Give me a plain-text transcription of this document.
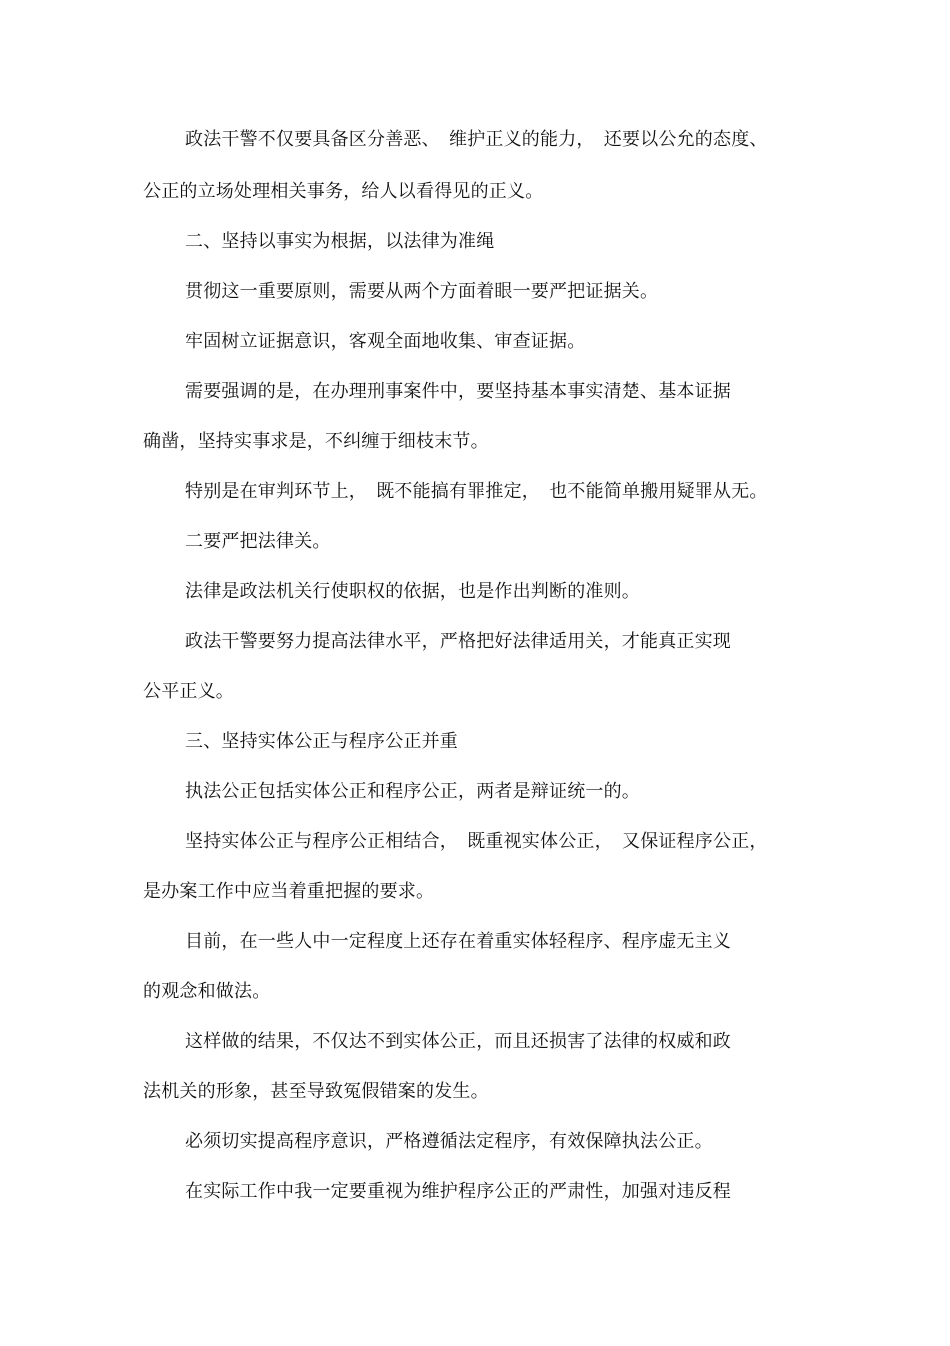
政法干警不仅要具备区分善恶、　维护正义的能力，　还要以公允的态度、
公正的立场处理相关事务，给人以看得见的正义。
二、坚持以事实为根据，以法律为准绳
贯彻这一重要原则，需要从两个方面着眼一要严把证据关。
牢固树立证据意识，客观全面地收集、审查证据。
需要强调的是，在办理刑事案件中，要坚持基本事实清楚、基本证据
确凿，坚持实事求是，不纠缠于细枝末节。
特别是在审判环节上，　既不能搞有罪推定，　也不能简单搬用疑罪从无。
二要严把法律关。
法律是政法机关行使职权的依据，也是作出判断的准则。
政法干警要努力提高法律水平，严格把好法律适用关，才能真正实现
公平正义。
三、坚持实体公正与程序公正并重
执法公正包括实体公正和程序公正，两者是辩证统一的。
坚持实体公正与程序公正相结合，　既重视实体公正，　又保证程序公正，
是办案工作中应当着重把握的要求。
目前，在一些人中一定程度上还存在着重实体轻程序、程序虚无主义
的观念和做法。
这样做的结果，不仅达不到实体公正，而且还损害了法律的权威和政
法机关的形象，甚至导致冤假错案的发生。
必须切实提高程序意识，严格遵循法定程序，有效保障执法公正。
在实际工作中我一定要重视为维护程序公正的严肃性，加强对违反程
